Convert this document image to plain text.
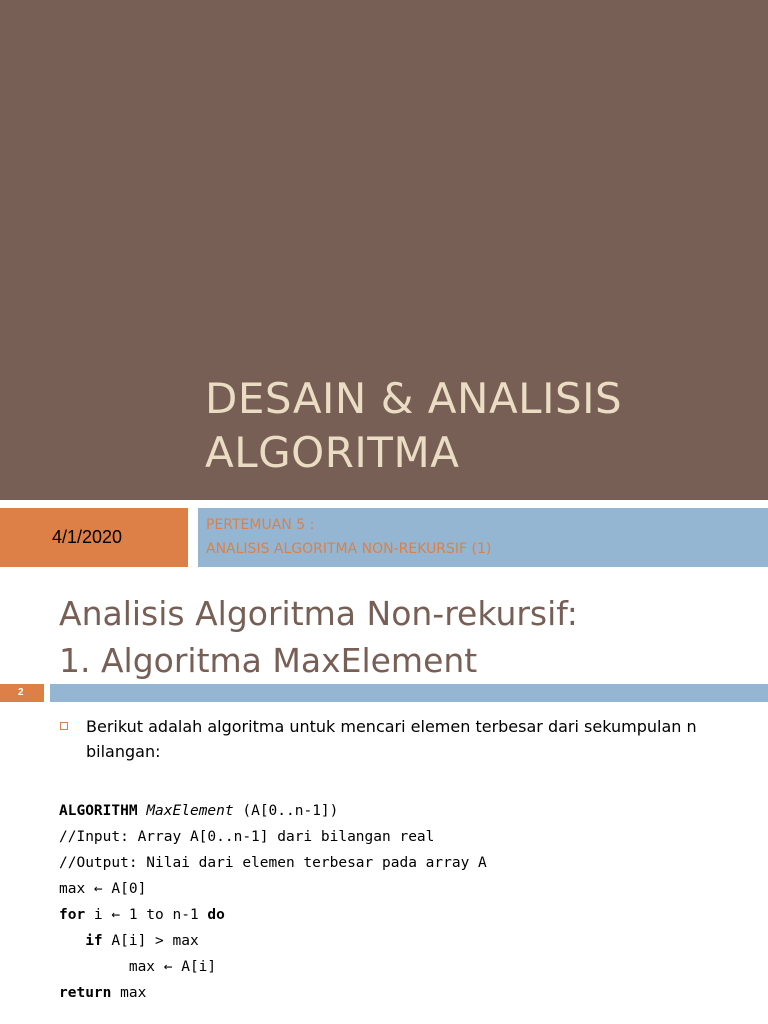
DESAIN & ANALISIS
ALGORITMA
4/1/2020
PERTEMUAN 5 :
ANALISIS ALGORITMA NON-REKURSIF (1)
Analisis Algoritma Non-rekursif:
1. Algoritma MaxElement
2
Berikut adalah algoritma untuk mencari elemen terbesar dari sekumpulan n bilangan:
ALGORITHM MaxElement (A[0..n-1])
//Input: Array A[0..n-1] dari bilangan real
//Output: Nilai dari elemen terbesar pada array A
max ← A[0]
for i ← 1 to n-1 do
if A[i] > max
max ← A[i]
return max
